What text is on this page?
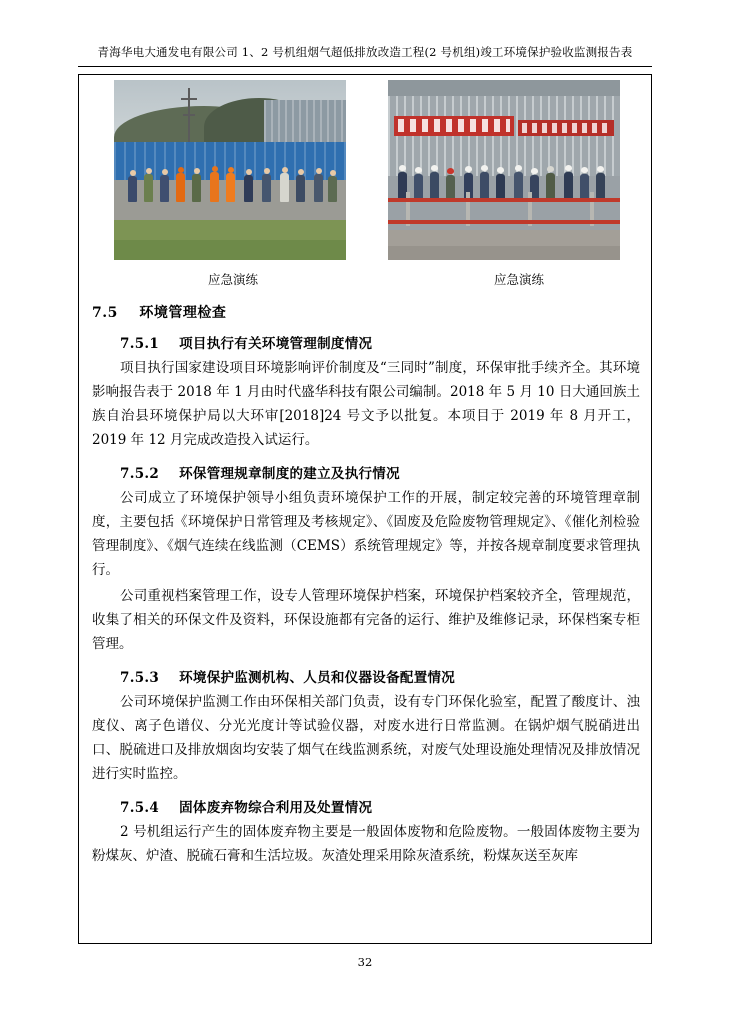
青海华电大通发电有限公司 1、2 号机组烟气超低排放改造工程(2 号机组)竣工环境保护验收监测报告表
应急演练	应急演练
7.5 环境管理检查
7.5.1 项目执行有关环境管理制度情况

项目执行国家建设项目环境影响评价制度及“三同时”制度，环保审批手续齐全。其环境影响报告表于 2018 年 1 月由时代盛华科技有限公司编制。2018 年 5 月 10 日大通回族土族自治县环境保护局以大环审[2018]24 号文予以批复。本项目于 2019 年 8 月开工，2019 年 12 月完成改造投入试运行。

7.5.2 环保管理规章制度的建立及执行情况

公司成立了环境保护领导小组负责环境保护工作的开展，制定较完善的环境管理章制度，主要包括《环境保护日常管理及考核规定》、《固废及危险废物管理规定》、《催化剂检验管理制度》、《烟气连续在线监测（CEMS）系统管理规定》等，并按各规章制度要求管理执行。

公司重视档案管理工作，设专人管理环境保护档案，环境保护档案较齐全，管理规范，收集了相关的环保文件及资料，环保设施都有完备的运行、维护及维修记录，环保档案专柜管理。

7.5.3 环境保护监测机构、人员和仪器设备配置情况

公司环境保护监测工作由环保相关部门负责，设有专门环保化验室，配置了酸度计、浊度仪、离子色谱仪、分光光度计等试验仪器，对废水进行日常监测。在锅炉烟气脱硝进出口、脱硫进口及排放烟囱均安装了烟气在线监测系统，对废气处理设施处理情况及排放情况进行实时监控。

7.5.4 固体废弃物综合利用及处置情况

2 号机组运行产生的固体废弃物主要是一般固体废物和危险废物。一般固体废物主要为粉煤灰、炉渣、脱硫石膏和生活垃圾。灰渣处理采用除灰渣系统，粉煤灰送至灰库

32
